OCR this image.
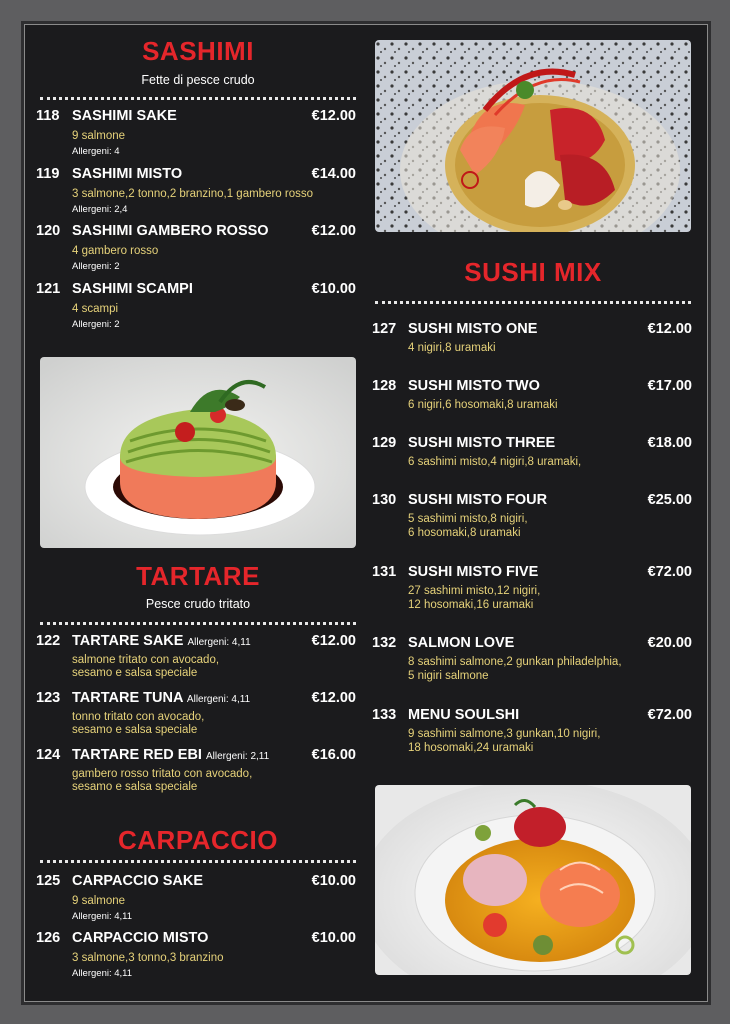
SASHIMI
Fette di pesce crudo
118 SASHIMI SAKE	€12.00
9 salmone
Allergeni: 4
119 SASHIMI MISTO	€14.00
3 salmone,2 tonno,2 branzino,1 gambero rosso
Allergeni: 2,4
120 SASHIMI GAMBERO ROSSO	€12.00
4 gambero rosso
Allergeni: 2
121 SASHIMI SCAMPI	€10.00
4 scampi
Allergeni: 2
TARTARE
Pesce crudo tritato
122 TARTARE SAKE Allergeni: 4,11	€12.00
salmone tritato con avocado,
sesamo e salsa speciale
123 TARTARE TUNA Allergeni: 4,11	€12.00
tonno tritato con avocado,
sesamo e salsa speciale
124 TARTARE RED EBI Allergeni: 2,11	€16.00
gambero rosso tritato con avocado,
sesamo e salsa speciale
CARPACCIO
125 CARPACCIO SAKE	€10.00
9 salmone
Allergeni: 4,11
126 CARPACCIO MISTO	€10.00
3 salmone,3 tonno,3 branzino
Allergeni: 4,11
SUSHI MIX
127 SUSHI MISTO ONE	€12.00
4 nigiri,8 uramaki
128 SUSHI MISTO TWO	€17.00
6 nigiri,6 hosomaki,8 uramaki
129 SUSHI MISTO THREE	€18.00
6 sashimi misto,4 nigiri,8 uramaki,
130 SUSHI MISTO FOUR	€25.00
5 sashimi misto,8 nigiri,
6 hosomaki,8 uramaki
131 SUSHI MISTO FIVE	€72.00
27 sashimi misto,12 nigiri,
12 hosomaki,16 uramaki
132 SALMON LOVE	€20.00
8 sashimi salmone,2 gunkan philadelphia,
5 nigiri salmone
133 MENU SOULSHI	€72.00
9 sashimi salmone,3 gunkan,10 nigiri,
18 hosomaki,24 uramaki
